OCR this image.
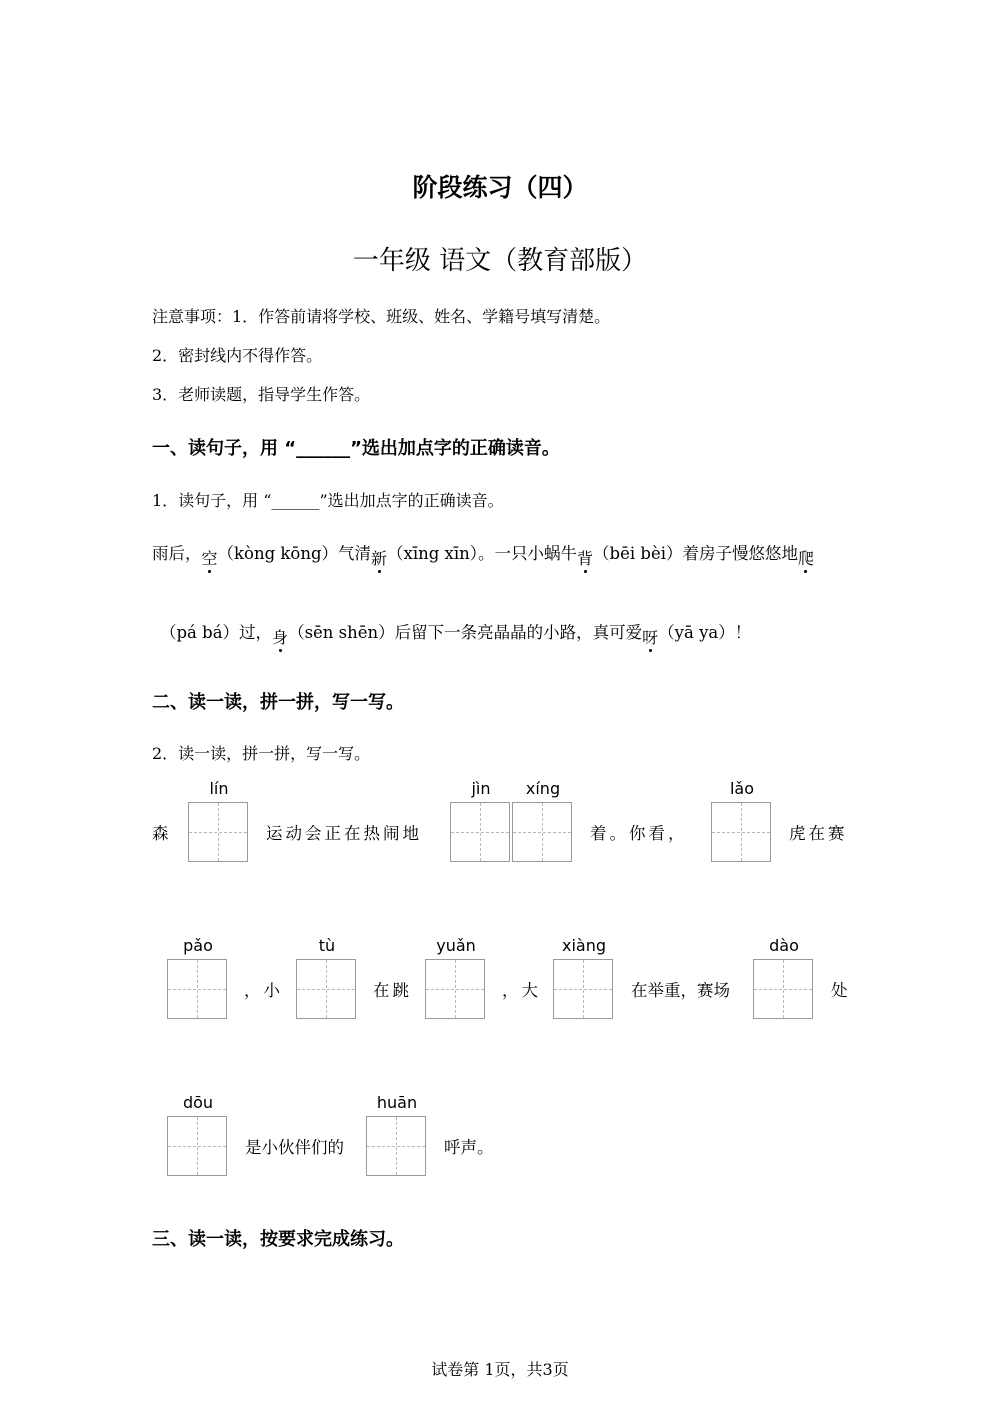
阶段练习（四）
一年级 语文（教育部版）
注意事项：1．作答前请将学校、班级、姓名、学籍号填写清楚。
2．密封线内不得作答。
3．老师读题，指导学生作答。
一、读句子，用 “______”选出加点字的正确读音。
1．读句子，用 “______”选出加点字的正确读音。
雨后，空（kòng kōng）气清新（xīng xīn）。一只小蜗牛背（bēi bèi）着房子慢悠悠地爬
（pá bá）过，身（sēn shēn）后留下一条亮晶晶的小路，真可爱呀（yā ya）！
二、读一读，拼一拼，写一写。
2．读一读，拼一拼，写一写。
森
lín
运动会正在热闹地
jìn	xíng
着。你看，
lǎo
虎在赛
pǎo
，小
tù
在跳
yuǎn
，大
xiàng
在举重，赛场
dào
处
dōu
是小伙伴们的
huān
呼声。
三、读一读，按要求完成练习。
试卷第 1页，共3页
